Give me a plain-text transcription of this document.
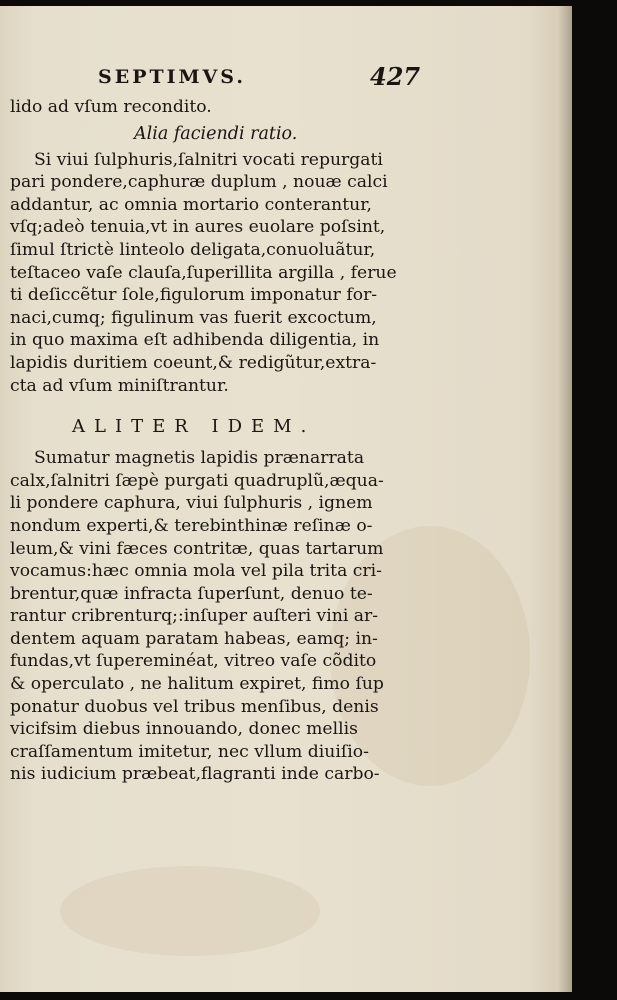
SEPTIMVS.	427
lido ad vſum recondito.
Alia faciendi ratio.
Si viui ſulphuris,ſalnitri vocati repurgati
pari pondere,caphuræ duplum , nouæ calci
addantur, ac omnia mortario conterantur,
vſq;adeò tenuia,vt in aures euolare poſsint,
ſimul ſtrictè linteolo deligata,conuoluãtur,
teſtaceo vaſe clauſa,ſuperillita argilla , ferue
ti deſiccẽtur ſole,figulorum imponatur for-
naci,cumq; figulinum vas fuerit excoctum,
in quo maxima eſt adhibenda diligentia, in
lapidis duritiem coeunt,& redigũtur,extra-
cta ad vſum miniſtrantur.
ALITER IDEM.
Sumatur magnetis lapidis prænarrata
calx,ſalnitri ſæpè purgati quadruplũ,æqua-
li pondere caphura, viui ſulphuris , ignem
nondum experti,& terebinthinæ reſinæ o-
leum,& vini fæces contritæ, quas tartarum
vocamus:hæc omnia mola vel pila trita cri-
brentur,quæ infracta ſuperſunt, denuo te-
rantur cribrenturq;:inſuper auſteri vini ar-
dentem aquam paratam habeas, eamq; in-
fundas,vt ſupereminéat, vitreo vaſe cõdito
& operculato , ne halitum expiret, fimo ſup
ponatur duobus vel tribus menſibus, denis
vicifsim diebus innouando, donec mellis
craſſamentum imitetur, nec vllum diuiſio-
nis iudicium præbeat,flagranti inde carbo-
